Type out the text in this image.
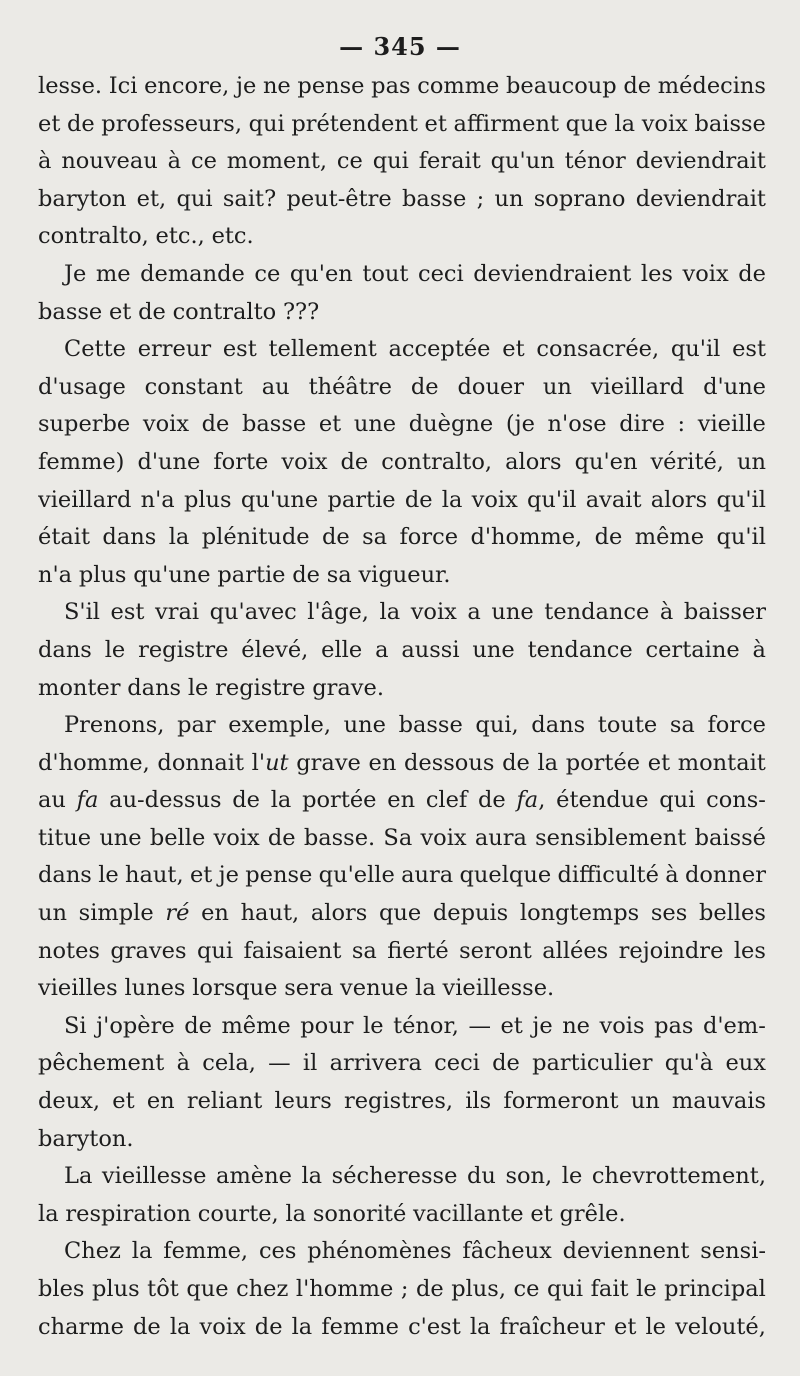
— 345 —
lesse. Ici encore, je ne pense pas comme beaucoup de médecins
et de professeurs, qui prétendent et affirment que la voix baisse
à nouveau à ce moment, ce qui ferait qu'un ténor deviendrait
baryton et, qui sait? peut-être basse ; un soprano deviendrait
contralto, etc., etc.
Je me demande ce qu'en tout ceci deviendraient les voix de
basse et de contralto ???
Cette erreur est tellement acceptée et consacrée, qu'il est
d'usage constant au théâtre de douer un vieillard d'une
superbe voix de basse et une duègne (je n'ose dire : vieille
femme) d'une forte voix de contralto, alors qu'en vérité, un
vieillard n'a plus qu'une partie de la voix qu'il avait alors qu'il
était dans la plénitude de sa force d'homme, de même qu'il
n'a plus qu'une partie de sa vigueur.
S'il est vrai qu'avec l'âge, la voix a une tendance à baisser
dans le registre élevé, elle a aussi une tendance certaine à
monter dans le registre grave.
Prenons, par exemple, une basse qui, dans toute sa force
d'homme, donnait l'ut grave en dessous de la portée et montait
au fa au-dessus de la portée en clef de fa, étendue qui cons-
titue une belle voix de basse. Sa voix aura sensiblement baissé
dans le haut, et je pense qu'elle aura quelque difficulté à donner
un simple ré en haut, alors que depuis longtemps ses belles
notes graves qui faisaient sa fierté seront allées rejoindre les
vieilles lunes lorsque sera venue la vieillesse.
Si j'opère de même pour le ténor, — et je ne vois pas d'em-
pêchement à cela, — il arrivera ceci de particulier qu'à eux
deux, et en reliant leurs registres, ils formeront un mauvais
baryton.
La vieillesse amène la sécheresse du son, le chevrottement,
la respiration courte, la sonorité vacillante et grêle.
Chez la femme, ces phénomènes fâcheux deviennent sensi-
bles plus tôt que chez l'homme ; de plus, ce qui fait le principal
charme de la voix de la femme c'est la fraîcheur et le velouté,
